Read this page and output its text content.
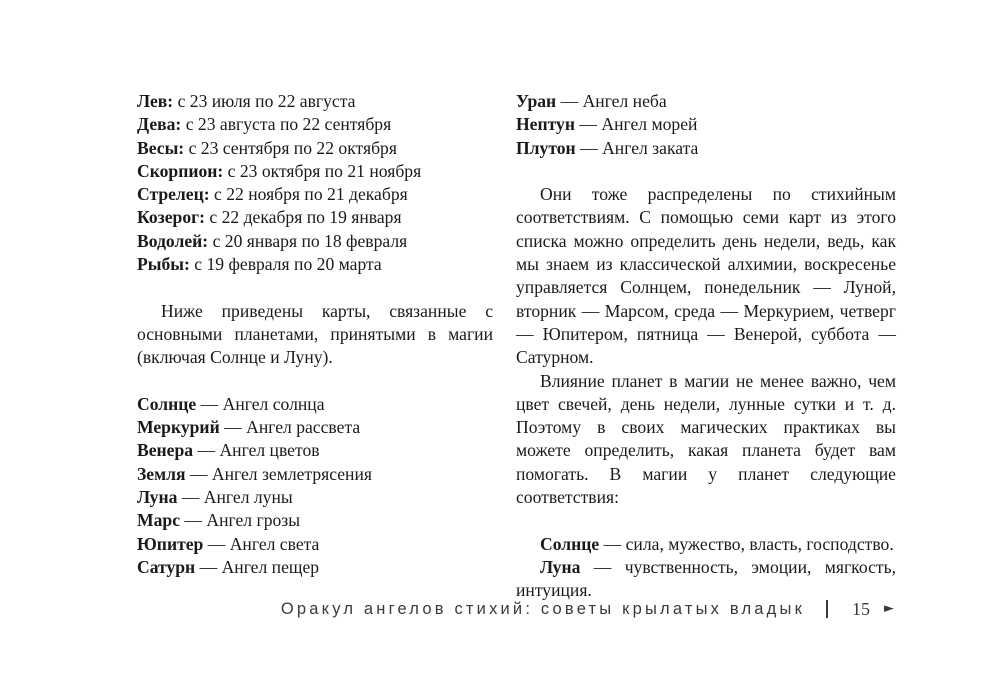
Лев: с 23 июля по 22 августа
Дева: с 23 августа по 22 сентября
Весы: с 23 сентября по 22 октября
Скорпион: с 23 октября по 21 ноября
Стрелец: с 22 ноября по 21 декабря
Козерог: с 22 декабря по 19 января
Водолей: с 20 января по 18 февраля
Рыбы: с 19 февраля по 20 марта
Ниже приведены карты, связанные с основными планетами, принятыми в магии (включая Солнце и Луну).
Солнце — Ангел солнца
Меркурий — Ангел рассвета
Венера — Ангел цветов
Земля — Ангел землетрясения
Луна — Ангел луны
Марс — Ангел грозы
Юпитер — Ангел света
Сатурн — Ангел пещер
Уран — Ангел неба
Нептун — Ангел морей
Плутон — Ангел заката
Они тоже распределены по стихийным соответствиям. С помощью семи карт из этого списка можно определить день недели, ведь, как мы знаем из классической алхимии, воскресенье управляется Солнцем, понедельник — Луной, вторник — Марсом, среда — Меркурием, четверг — Юпитером, пятница — Венерой, суббота — Сатурном.
Влияние планет в магии не менее важно, чем цвет свечей, день недели, лунные сутки и т. д. Поэтому в своих магических практиках вы можете определить, какая планета будет вам помогать. В магии у планет следующие соответствия:
Солнце — сила, мужество, власть, господство.
Луна — чувственность, эмоции, мягкость, интуиция.
Оракул ангелов стихий: советы крылатых владык	15 ►
